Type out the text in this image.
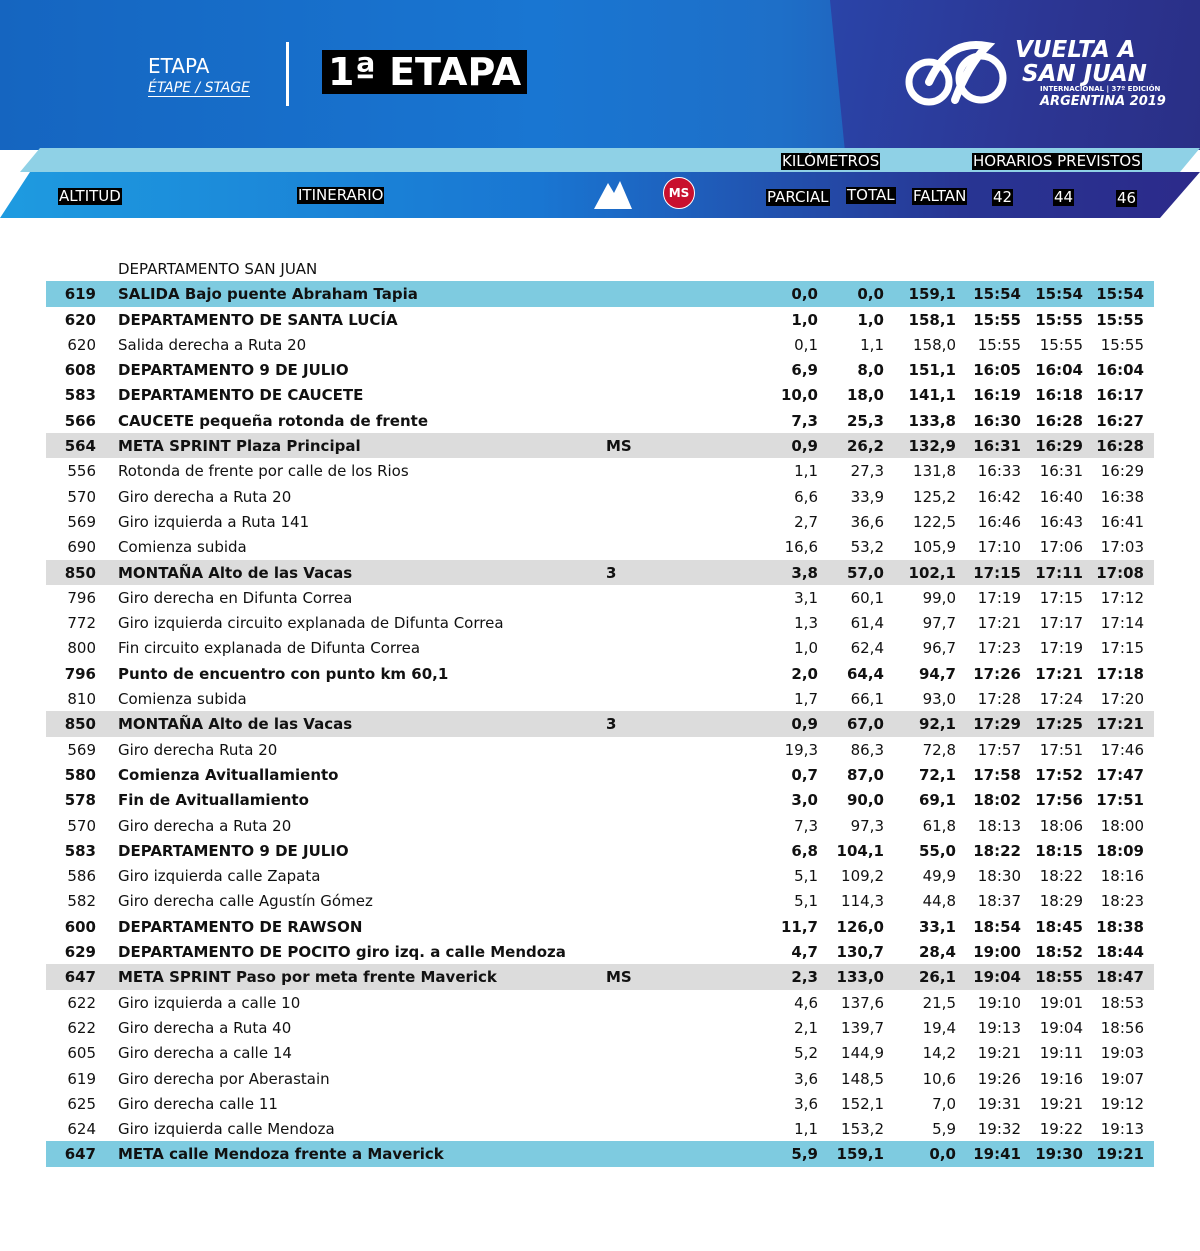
ETAPA
ÉTAPE / STAGE 1ª ETAPA	VUELTA A
SAN JUAN
INTERNACIONAL | 37º EDICIÓN
ARGENTINA 2019
KILÓMETROS	HORARIOS PREVISTOS
ALTITUD	ITINERARIO	MS	PARCIAL TOTAL FALTAN 42	44	46
DEPARTAMENTO SAN JUAN
619 SALIDA Bajo puente Abraham Tapia	0,0	0,0	159,1 15:54 15:54 15:54
620 DEPARTAMENTO DE SANTA LUCÍA	1,0	1,0	158,1 15:55 15:55 15:55
620 Salida derecha a Ruta 20	0,1	1,1	158,0	15:55	15:55	15:55
608 DEPARTAMENTO 9 DE JULIO	6,9	8,0	151,1 16:05 16:04 16:04
583 DEPARTAMENTO DE CAUCETE	10,0	18,0	141,1 16:19 16:18 16:17
566 CAUCETE pequeña rotonda de frente	7,3	25,3	133,8 16:30 16:28 16:27
564 META SPRINT Plaza Principal	MS	0,9	26,2	132,9 16:31 16:29 16:28
556 Rotonda de frente por calle de los Rios	1,1	27,3	131,8	16:33	16:31	16:29
570 Giro derecha a Ruta 20	6,6	33,9	125,2	16:42	16:40	16:38
569 Giro izquierda a Ruta 141	2,7	36,6	122,5	16:46	16:43	16:41
690 Comienza subida	16,6	53,2	105,9	17:10	17:06	17:03
850 MONTAÑA Alto de las Vacas	3	3,8	57,0	102,1 17:15 17:11 17:08
796 Giro derecha en Difunta Correa	3,1	60,1	99,0	17:19	17:15	17:12
772 Giro izquierda circuito explanada de Difunta Correa	1,3	61,4	97,7	17:21	17:17	17:14
800 Fin circuito explanada de Difunta Correa	1,0	62,4	96,7	17:23	17:19	17:15
796 Punto de encuentro con punto km 60,1	2,0	64,4	94,7 17:26 17:21 17:18
810 Comienza subida	1,7	66,1	93,0	17:28	17:24	17:20
850 MONTAÑA Alto de las Vacas	3	0,9	67,0	92,1 17:29 17:25 17:21
569 Giro derecha Ruta 20	19,3	86,3	72,8	17:57	17:51	17:46
580 Comienza Avituallamiento	0,7	87,0	72,1 17:58 17:52 17:47
578 Fin de Avituallamiento	3,0	90,0	69,1 18:02 17:56 17:51
570 Giro derecha a Ruta 20	7,3	97,3	61,8	18:13	18:06	18:00
583 DEPARTAMENTO 9 DE JULIO	6,8 104,1	55,0 18:22 18:15 18:09
586 Giro izquierda calle Zapata	5,1	109,2	49,9	18:30	18:22	18:16
582 Giro derecha calle Agustín Gómez	5,1	114,3	44,8	18:37	18:29	18:23
600 DEPARTAMENTO DE RAWSON	11,7 126,0	33,1 18:54 18:45 18:38
629 DEPARTAMENTO DE POCITO giro izq. a calle Mendoza	4,7 130,7	28,4 19:00 18:52 18:44
647 META SPRINT Paso por meta frente Maverick	MS	2,3 133,0	26,1 19:04 18:55 18:47
622 Giro izquierda a calle 10	4,6	137,6	21,5	19:10	19:01	18:53
622 Giro derecha a Ruta 40	2,1	139,7	19,4	19:13	19:04	18:56
605 Giro derecha a calle 14	5,2	144,9	14,2	19:21	19:11	19:03
619 Giro derecha por Aberastain	3,6	148,5	10,6	19:26	19:16	19:07
625 Giro derecha calle 11	3,6	152,1	7,0	19:31	19:21	19:12
624 Giro izquierda calle Mendoza	1,1	153,2	5,9	19:32	19:22	19:13
647 META calle Mendoza frente a Maverick	5,9 159,1	0,0 19:41 19:30 19:21
